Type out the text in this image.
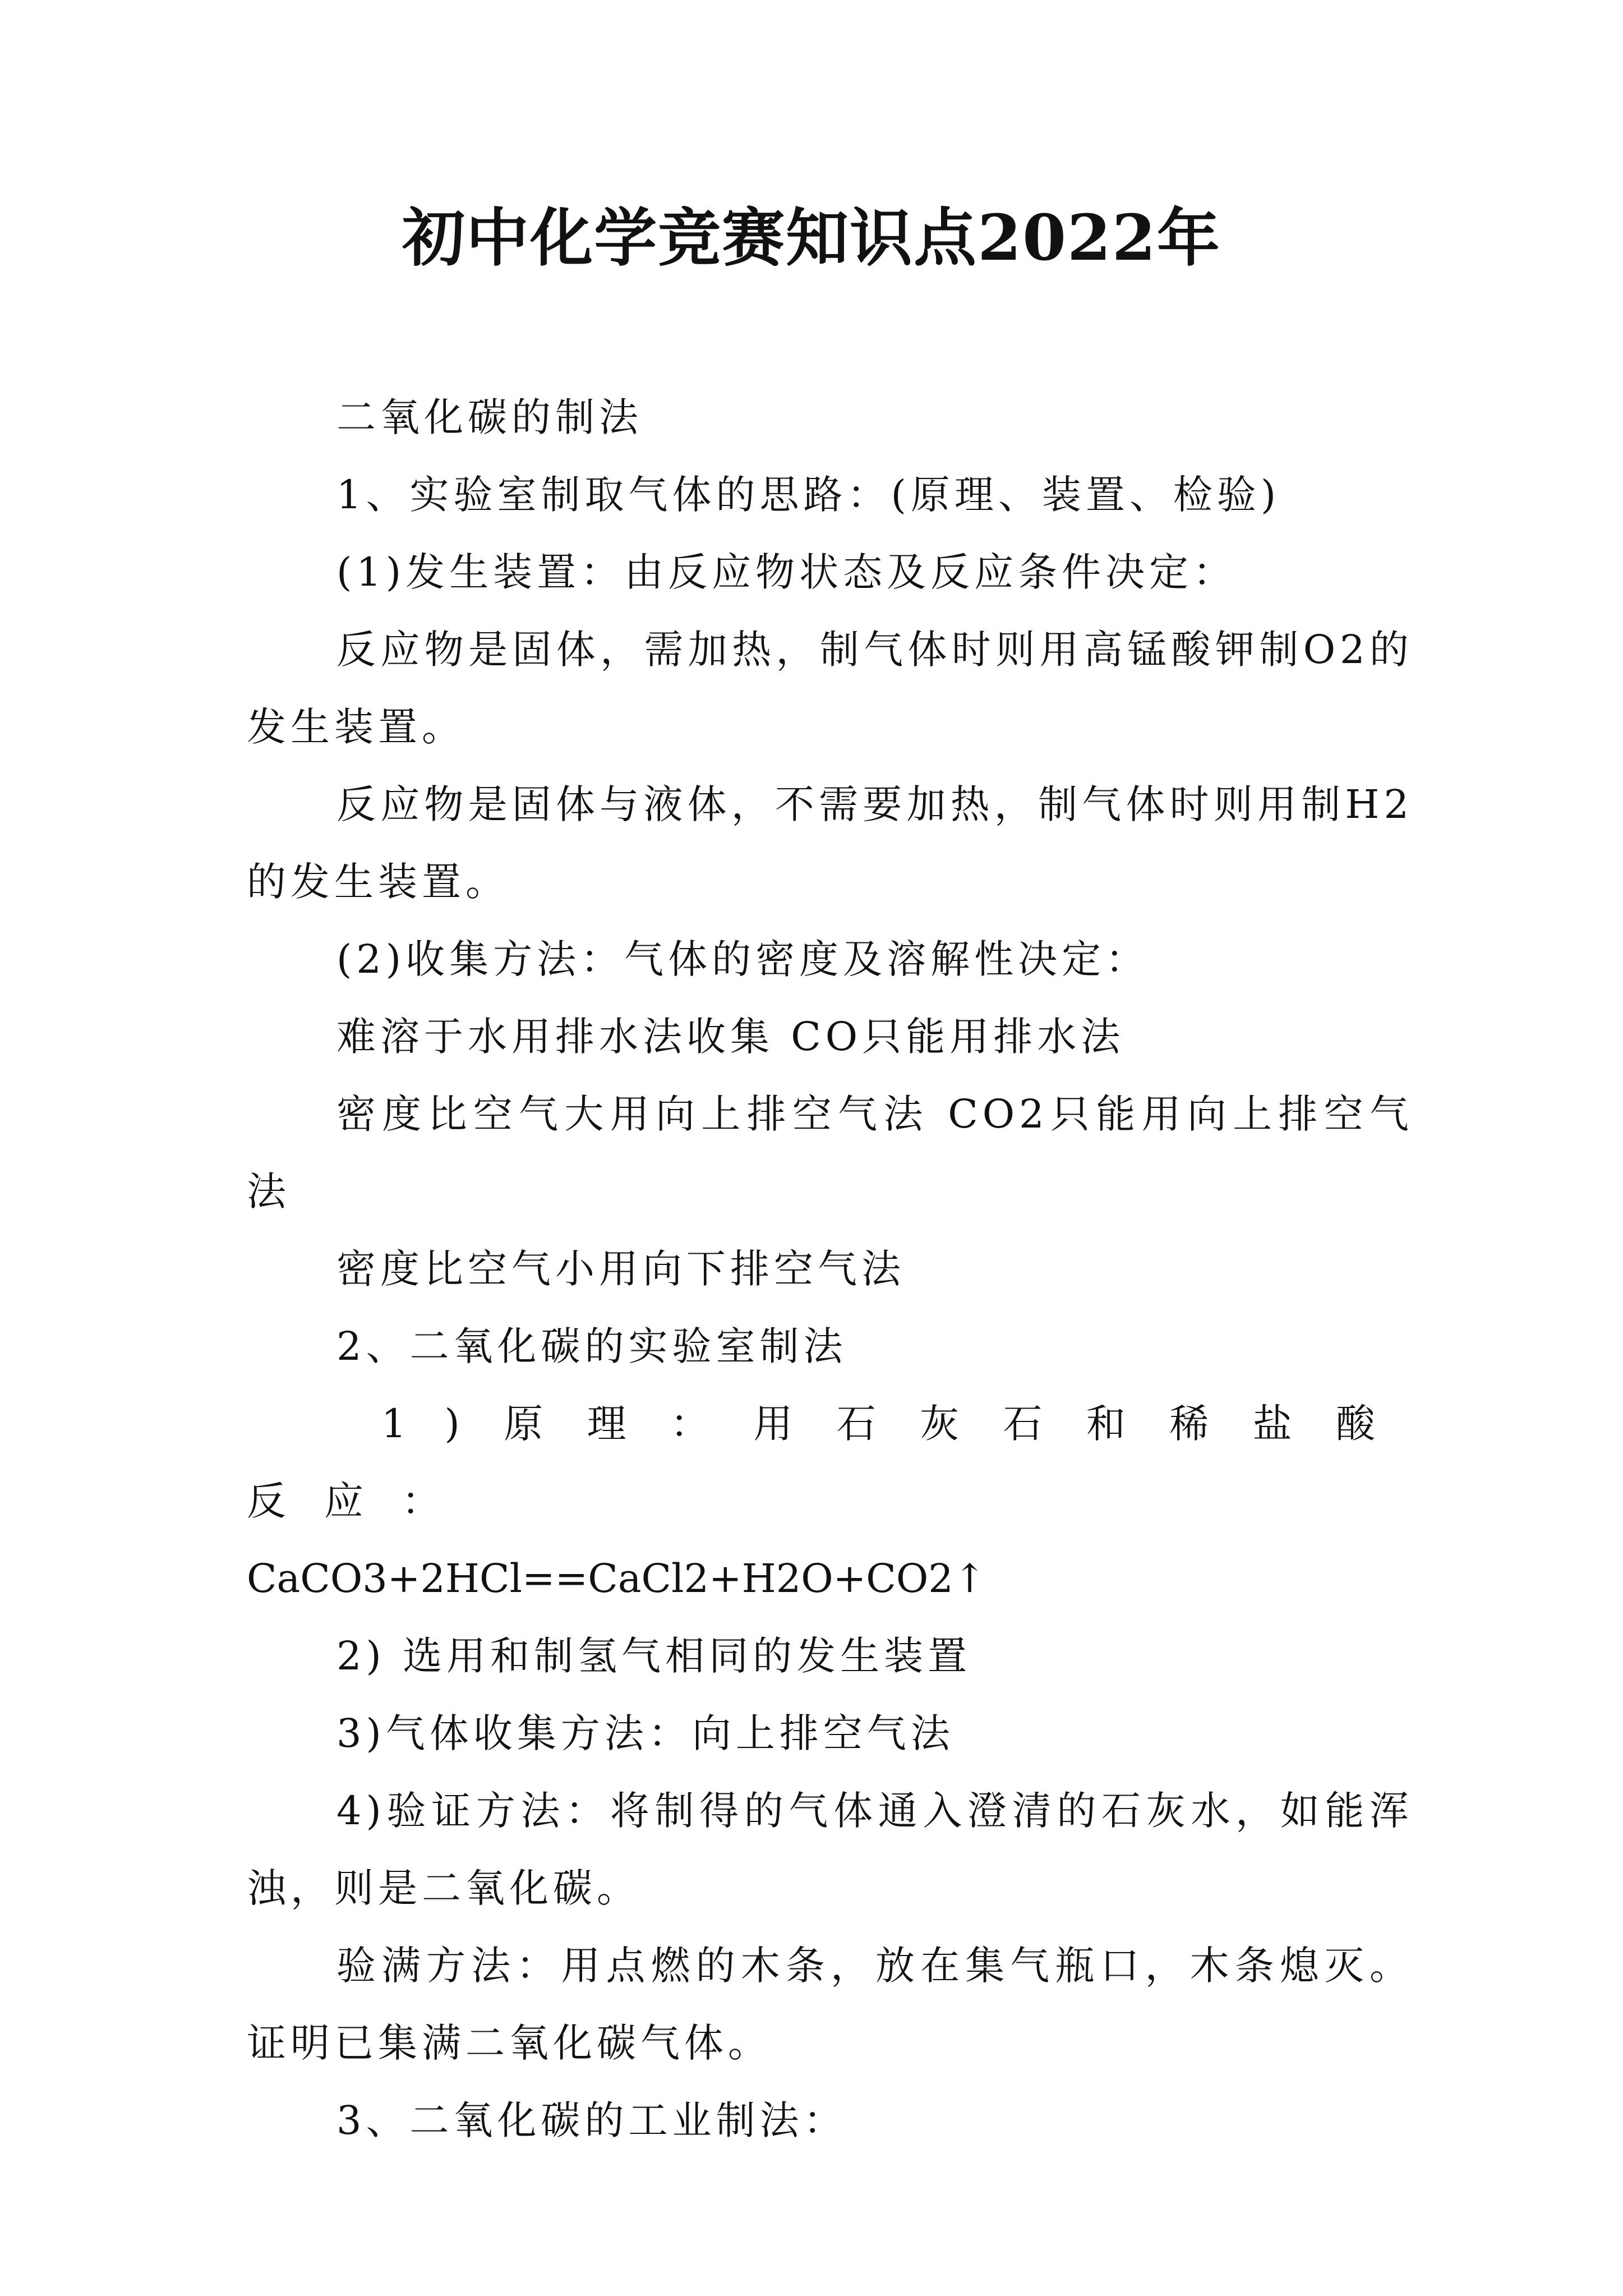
初中化学竞赛知识点2022年

二氧化碳的制法

1、实验室制取气体的思路：(原理、装置、检验)

(1)发生装置：由反应物状态及反应条件决定：

反应物是固体，需加热，制气体时则用高锰酸钾制O2的发生装置。

反应物是固体与液体，不需要加热，制气体时则用制H2的发生装置。

(2)收集方法：气体的密度及溶解性决定：

难溶于水用排水法收集 CO只能用排水法

密度比空气大用向上排空气法 CO2只能用向上排空气法

密度比空气小用向下排空气法

2、二氧化碳的实验室制法

1)原理：用石灰石和稀盐酸反应：

CaCO3+2HCl==CaCl2+H2O+CO2↑

2) 选用和制氢气相同的发生装置

3)气体收集方法：向上排空气法

4)验证方法：将制得的气体通入澄清的石灰水，如能浑浊，则是二氧化碳。

验满方法：用点燃的木条，放在集气瓶口，木条熄灭。证明已集满二氧化碳气体。

3、二氧化碳的工业制法：
